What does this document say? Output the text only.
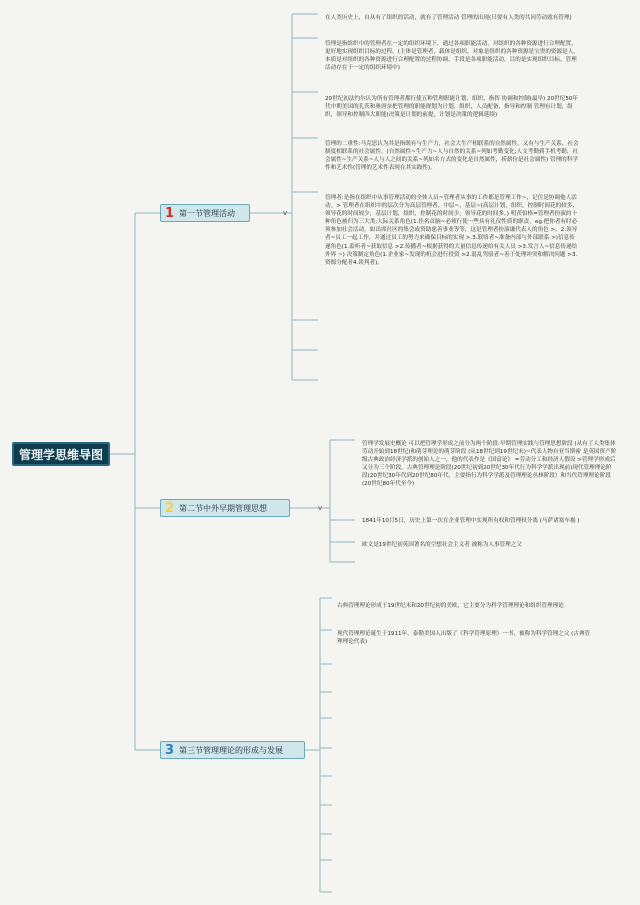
管理学思维导图
1 第一节管理活动	v

在人类历史上，自从有了组织的活动，就有了管理活动 管理的出现(只要有人类的共同劳动就有管理)

管理是指组织中的管理者在一定的组织环境下，通过各项职能活动，对组织的各种资源进行合理配置，更好地实现组织目标的过程。(主体是管理者，载体是组织，对象是组织的各种资源是宝贵的资源是人，本质是对组织的各种资源进行合理配置的过程协调，手段是各项职能活动，目的是实现组织目标，管理活动存在于一定的组织环境中)

20世纪初法约尔认为所有管理者都行使五种管理职能计划，组织，指挥 协调和控制(最早) 20世纪50年代中期美国的孔茨和奥唐奈把管理的职能规划为计划，组织，人员配备，指导和控制 管理有计划，组织，领导和控制四大职能(决策是计划的前提，计划是决策的逻辑延续)

管理的二重性:马克思认为其是指既有与生产力，社会大生产相联系的自然属性，又有与生产关系，社会制度相联系的社会属性。(自然属性~生产力~人与自然的关系~列如考勤变化;人文考勤到手机考勤，社会属性~生产关系~人与人之间的关系~列如名方式的变化是自然属性，捞薪位是社会属性) 管理的科学性和艺术性(管理的艺术性表现在其实践性)。

管理者:是指在组织中从事管理活动的全体人员~管理者从事的工作都是管理工作~，记住是协调他人活动。> 管理者在组织中的层次分为高层管理者，中层~，基层~(高层计划，组织，控制时间花的较多，领导花的时间较少，基层计划，组织，控制花的时间少，领导花的时间多。) 明茨伯格=管理者扮演的十种角色被归为三大类:人际关系角色(1.挂名首脑~必须行使一些具有礼仪性质的职责，eg.把你者有时必须参加社会活动，如出席社区的集会或资助慈善事业等等，这是管理者扮演谦代表人的角色 >。2.领导者~员工一起工作，并通过员工的努力来确保目标的实现 >.3.联络者~准备内部与外部联系 >)信息传递角色(1.监听者~获取信息 >2.传播者~根据获得的大量信息传递给有关人员 >3.发言人~信息传递给外界 ~) 决策制定角色(1.企业家~发现的机会进行投资 >2.混乱驾驭者~善于处理冲突和解决问题 >3.资源分配者4.谈判者)。

2 第二节中外早期管理思想	v

管理学发展史概论 可以把管理学形成之前分为两个阶段:早期管理实践与管理思想阶段 (从有了人类集体劳动开始到18世纪)和萌芽理论的萌芽阶段 (从18世纪到19世纪末)~代表人物有亚当斯密 是英国资产阶级古典政治经济学派的创始人之一，他的代表作是《国富论》 =劳动分工和经济人假设 >管理学形成后又分为三个阶段，古典管理理论阶段(20世纪初到20世纪30年代行为科学学派出现前)现代管理理论阶段(20世纪30年代到20世纪80年代，主要指行为科学学派及管理理论丛林阶段）和当代管理理论阶段(20世纪80年代至今)

1841年10月5日，历史上第一次在企业管理中实现所有权和管理权分离 (马萨诸塞车祸 )

欧文是19世纪初英国著名的空想社会主义者 被称为人事管理之父

3 第三节管理理论的形成与发展

古典管理理论形成于19世纪末和20世纪初的美欧，它主要分为科学管理理论和组织管理理论

现代管理理论诞生于1911年，泰勒美国人出版了《科学管理原理》一书，被称为科学管理之父 (古典管理理论代表)
